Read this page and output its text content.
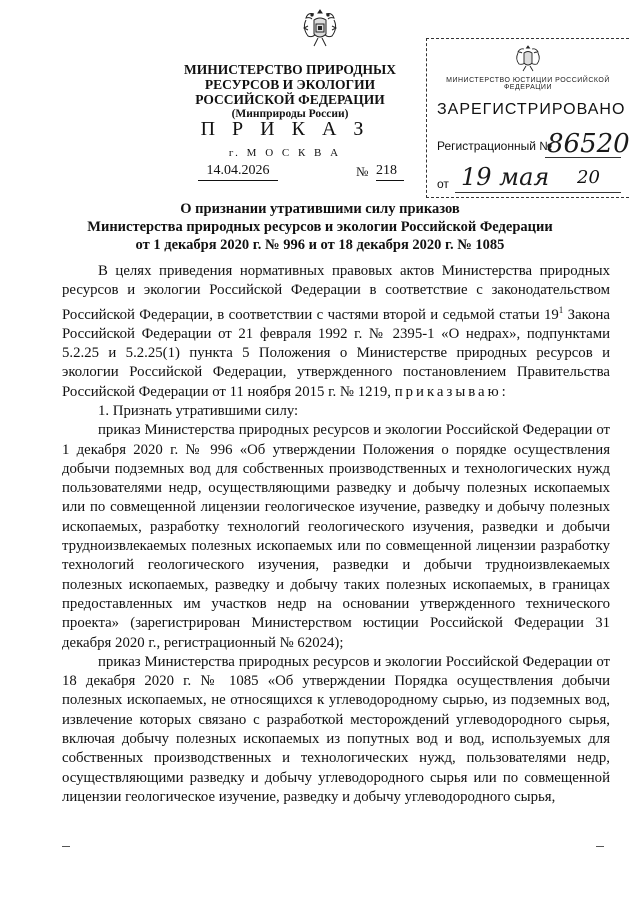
МИНИСТЕРСТВО ПРИРОДНЫХ РЕСУРСОВ И ЭКОЛОГИИ
РОССИЙСКОЙ ФЕДЕРАЦИИ
(Минприроды России)
П Р И К А З
г. М О С К В А
14.04.2026	№ 218
МИНИСТЕРСТВО ЮСТИЦИИ РОССИЙСКОЙ ФЕДЕРАЦИИ
ЗАРЕГИСТРИРОВАНО
Регистрационный №
86520
от 19 мая 20
О признании утратившими силу приказов
Министерства природных ресурсов и экологии Российской Федерации
от 1 декабря 2020 г. № 996 и от 18 декабря 2020 г. № 1085

В целях приведения нормативных правовых актов Министерства природных ресурсов и экологии Российской Федерации в соответствие с законодательством Российской Федерации, в соответствии с частями второй и седьмой статьи $19^1$ Закона Российской Федерации от 21 февраля 1992 г. № 2395-1 «О недрах», подпунктами 5.2.25 и 5.2.25(1) пункта 5 Положения о Министерстве природных ресурсов и экологии Российской Федерации, утвержденного постановлением Правительства Российской Федерации от 11 ноября 2015 г. № 1219, приказываю:

1. Признать утратившими силу:

приказ Министерства природных ресурсов и экологии Российской Федерации от 1 декабря 2020 г. № 996 «Об утверждении Положения о порядке осуществления добычи подземных вод для собственных производственных и технологических нужд пользователями недр, осуществляющими разведку и добычу полезных ископаемых или по совмещенной лицензии геологическое изучение, разведку и добычу полезных ископаемых, разработку технологий геологического изучения, разведки и добычи трудноизвлекаемых полезных ископаемых или по совмещенной лицензии разработку технологий геологического изучения, разведки и добычи трудноизвлекаемых полезных ископаемых, разведку и добычу таких полезных ископаемых, в границах предоставленных им участков недр на основании утвержденного технического проекта» (зарегистрирован Министерством юстиции Российской Федерации 31 декабря 2020 г., регистрационный № 62024);

приказ Министерства природных ресурсов и экологии Российской Федерации от 18 декабря 2020 г. № 1085 «Об утверждении Порядка осуществления добычи полезных ископаемых, не относящихся к углеводородному сырью, из подземных вод, извлечение которых связано с разработкой месторождений углеводородного сырья, включая добычу полезных ископаемых из попутных вод и вод, используемых для собственных производственных и технологических нужд, пользователями недр, осуществляющими разведку и добычу углеводородного сырья или по совмещенной лицензии геологическое изучение, разведку и добычу углеводородного сырья,
